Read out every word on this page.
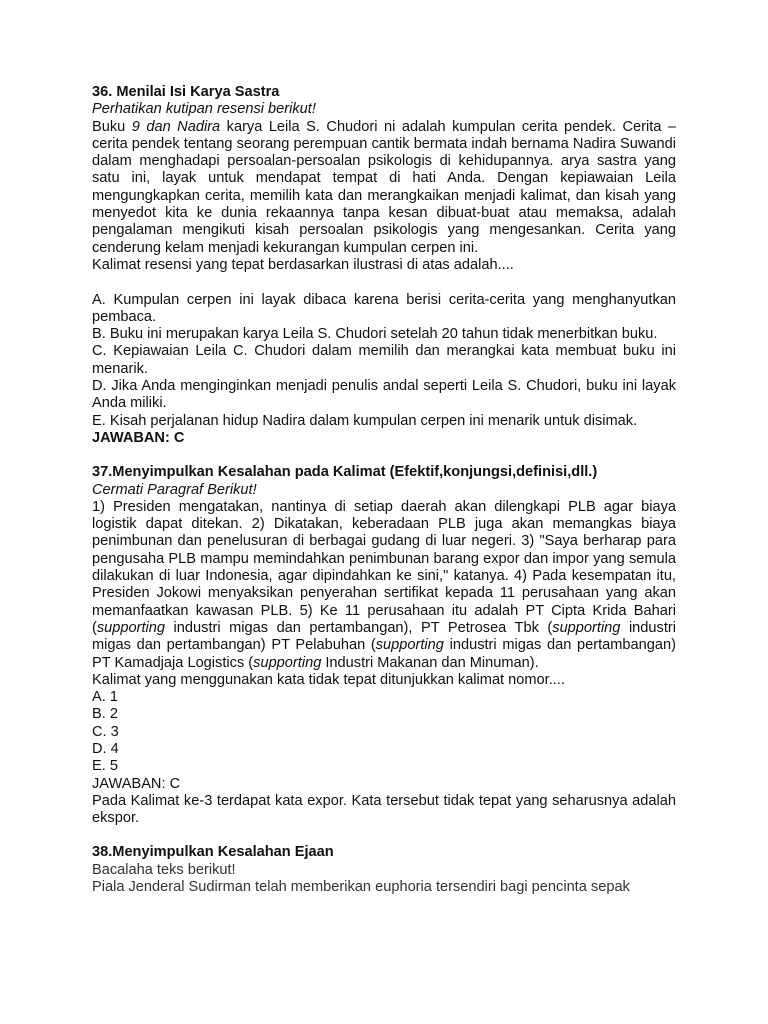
36. Menilai Isi Karya Sastra

Perhatikan kutipan resensi berikut!

Buku 9 dan Nadira karya Leila S. Chudori ni adalah kumpulan cerita pendek. Cerita – cerita pendek tentang seorang perempuan cantik bermata indah bernama Nadira Suwandi dalam menghadapi persoalan-persoalan psikologis di kehidupannya. arya sastra yang satu ini, layak untuk mendapat tempat di hati Anda. Dengan kepiawaian Leila mengungkapkan cerita, memilih kata dan merangkaikan menjadi kalimat, dan kisah yang menyedot kita ke dunia rekaannya tanpa kesan dibuat-buat atau memaksa, adalah pengalaman mengikuti kisah persoalan psikologis yang mengesankan. Cerita yang cenderung kelam menjadi kekurangan kumpulan cerpen ini.

Kalimat resensi yang tepat berdasarkan ilustrasi di atas adalah....

A. Kumpulan cerpen ini layak dibaca karena berisi cerita-cerita yang menghanyutkan pembaca.

B. Buku ini merupakan karya Leila S. Chudori setelah 20 tahun tidak menerbitkan buku.

C. Kepiawaian Leila C. Chudori dalam memilih dan merangkai kata membuat buku ini menarik.

D. Jika Anda menginginkan menjadi penulis andal seperti Leila S. Chudori, buku ini layak Anda miliki.

E. Kisah perjalanan hidup Nadira dalam kumpulan cerpen ini menarik untuk disimak.

JAWABAN: C

37.Menyimpulkan Kesalahan pada Kalimat (Efektif,konjungsi,definisi,dll.)

Cermati Paragraf Berikut!

1) Presiden mengatakan, nantinya di setiap daerah akan dilengkapi PLB agar biaya logistik dapat ditekan. 2) Dikatakan, keberadaan PLB juga akan memangkas biaya penimbunan dan penelusuran di berbagai gudang di luar negeri. 3) "Saya berharap para pengusaha PLB mampu memindahkan penimbunan barang expor dan impor yang semula dilakukan di luar Indonesia, agar dipindahkan ke sini," katanya. 4) Pada kesempatan itu, Presiden Jokowi menyaksikan penyerahan sertifikat kepada 11 perusahaan yang akan memanfaatkan kawasan PLB. 5) Ke 11 perusahaan itu adalah PT Cipta Krida Bahari (supporting industri migas dan pertambangan), PT Petrosea Tbk (supporting industri migas dan pertambangan) PT Pelabuhan (supporting industri migas dan pertambangan) PT Kamadjaja Logistics (supporting Industri Makanan dan Minuman).

Kalimat yang menggunakan kata tidak tepat ditunjukkan kalimat nomor....

A. 1

B. 2

C. 3

D. 4

E. 5

JAWABAN: C

Pada Kalimat ke-3 terdapat kata expor. Kata tersebut tidak tepat yang seharusnya adalah ekspor.

38.Menyimpulkan Kesalahan Ejaan

Bacalaha teks berikut!

Piala Jenderal Sudirman telah memberikan euphoria tersendiri bagi pencinta sepak
